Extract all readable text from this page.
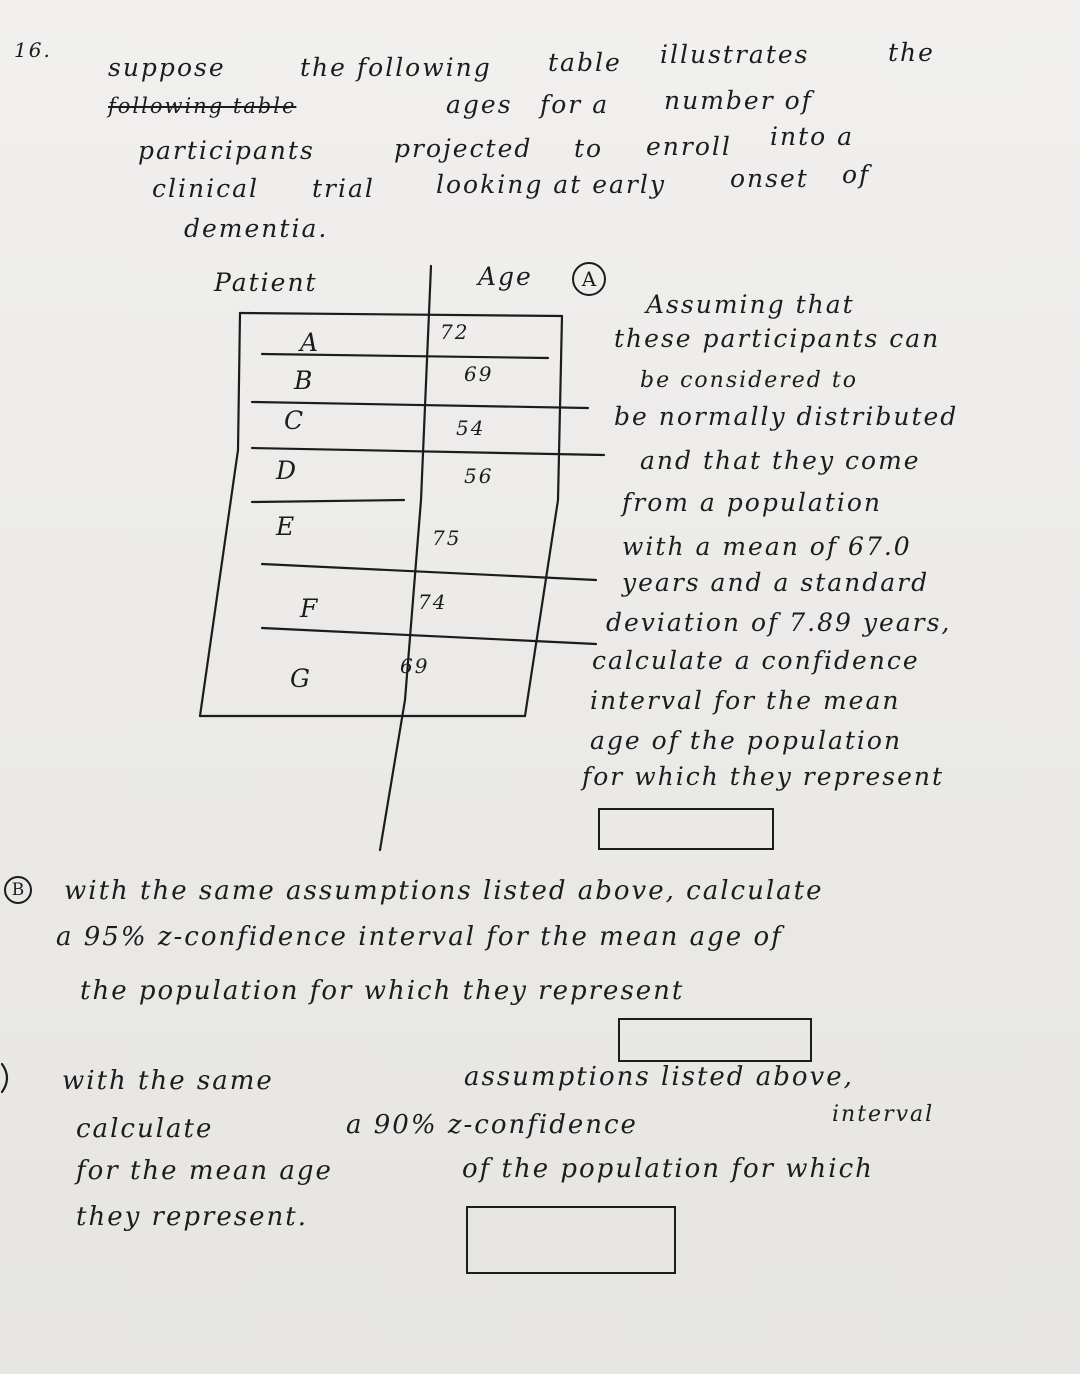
16.
suppose	the following table illustrates	the
following table	ages for a number of
participants	projected to enroll into a
clinical trial looking at early	onset of
dementia.
Patient	Age
A	72
B	69
C	54
D	56
E	75
F	74
G	69
A
Assuming that
these participants can
be considered to
be normally distributed
and that they come
from a population
with a mean of 67.0
years and a standard
deviation of 7.89 years,
calculate a confidence
interval for the mean
age of the population
for which they represent
B with the same assumptions listed above, calculate
a 95% z-confidence interval for the mean age of
the population for which they represent
with the same	assumptions listed above,
calculate	a 90% z-confidence	interval
for the mean age	of the population for which
they represent.
